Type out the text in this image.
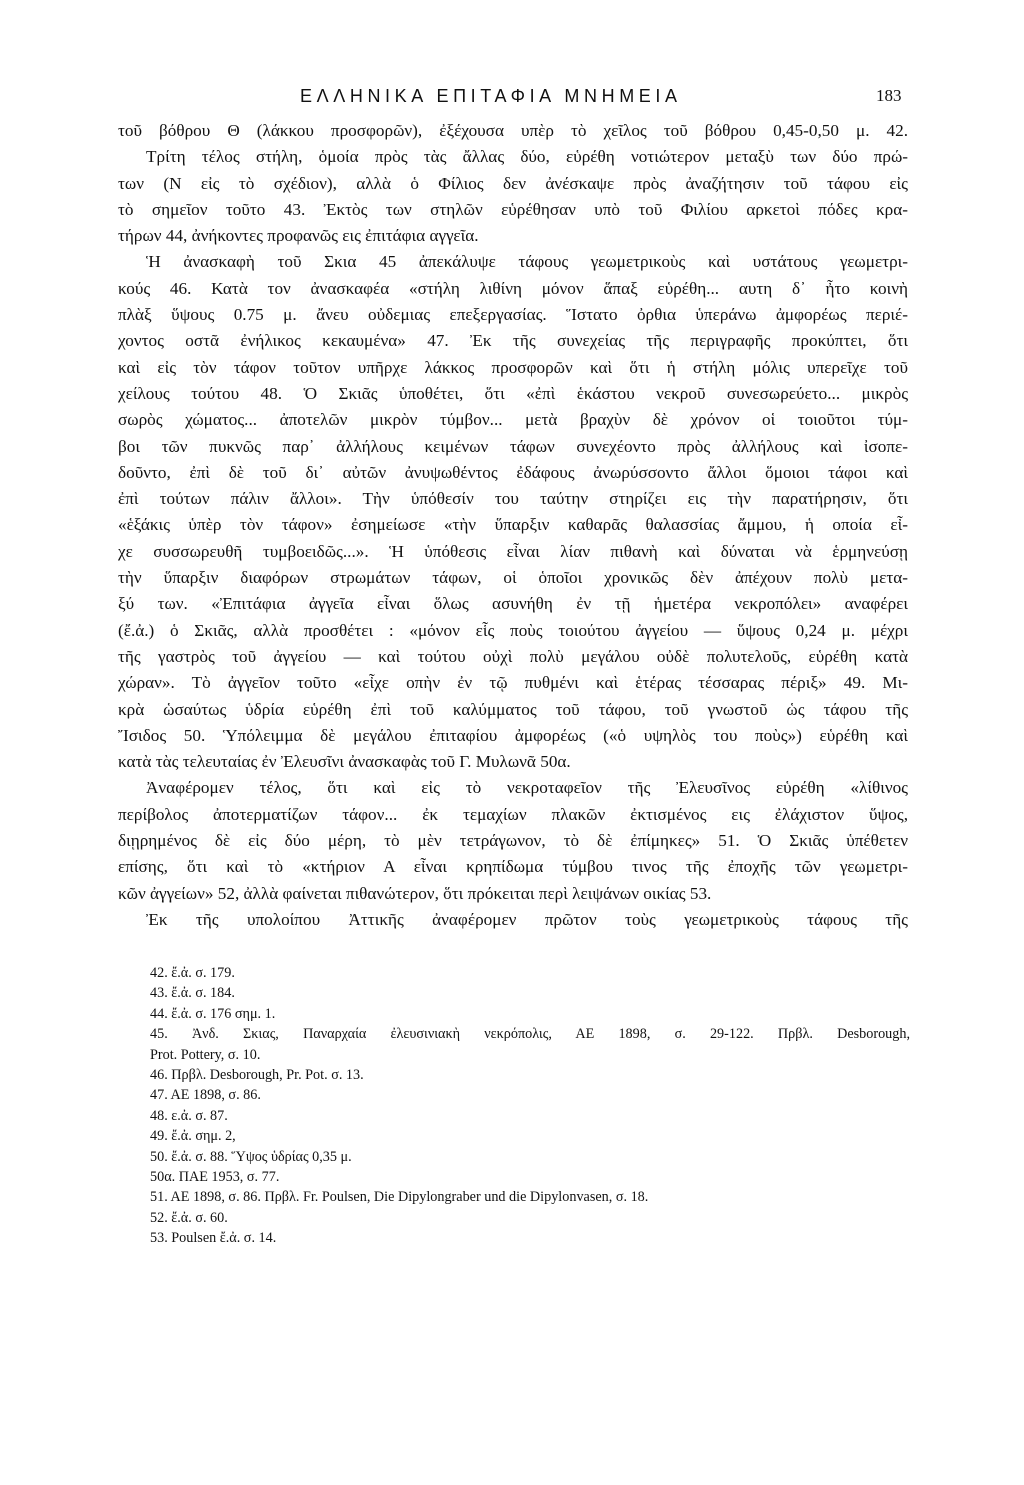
ΕΛΛΗΝΙΚΑ ΕΠΙΤΑΦΙΑ ΜΝΗΜΕΙΑ	183
τοῦ βόθρου Θ (λάκκου προσφορῶν), ἐξέχουσα υπὲρ τὸ χεῖλος τοῦ βόθρου 0,45-0,50 μ. 42.
Τρίτη τέλος στήλη, ὁμοία πρὸς τὰς ἄλλας δύο, εὑρέθη νοτιώτερον μεταξὺ των δύο πρώ-
των (Ν εἰς τὸ σχέδιον), αλλὰ ὁ Φίλιος δεν ἀνέσκαψε πρὸς ἀναζήτησιν τοῦ τάφου εἰς
τὸ σημεῖον τοῦτο 43. Ἐκτὸς των στηλῶν εὑρέθησαν υπὸ τοῦ Φιλίου αρκετοὶ πόδες κρα-
τήρων 44, ἀνήκοντες προφανῶς εις ἐπιτάφια αγγεῖα.
Ἡ ἀνασκαφὴ τοῦ Σκια 45 ἀπεκάλυψε τάφους γεωμετρικοὺς καὶ υστάτους γεωμετρι-
κούς 46. Κατὰ τον ἀνασκαφέα «στήλη λιθίνη μόνον ἅπαξ εὑρέθη... αυτη δ᾿ ἦτο κοινὴ
πλὰξ ὕψους 0.75 μ. ἄνευ οὐδεμιας επεξεργασίας. Ἵστατο ὀρθια ὑπεράνω ἀμφορέως περιέ-
χοντος οστᾶ ἐνήλικος κεκαυμένα» 47. Ἐκ τῆς συνεχείας τῆς περιγραφῆς προκύπτει, ὅτι
καὶ εἰς τὸν τάφον τοῦτον υπῆρχε λάκκος προσφορῶν καὶ ὅτι ἡ στήλη μόλις υπερεῖχε τοῦ
χείλους τούτου 48. Ὁ Σκιᾶς ὑποθέτει, ὅτι «ἐπὶ ἑκάστου νεκροῦ συνεσωρεύετο... μικρὸς
σωρὸς χώματος... ἀποτελῶν μικρὸν τύμβον... μετὰ βραχὺν δὲ χρόνον οἱ τοιοῦτοι τύμ-
βοι τῶν πυκνῶς παρ᾿ ἀλλήλους κειμένων τάφων συνεχέοντο πρὸς ἀλλήλους καὶ ἰσοπε-
δοῦντο, ἐπὶ δὲ τοῦ δι᾿ αὐτῶν ἀνυψωθέντος ἐδάφους ἀνωρύσσοντο ἄλλοι ὅμοιοι τάφοι καὶ
ἐπὶ τούτων πάλιν ἄλλοι». Τὴν ὑπόθεσίν του ταύτην στηρίζει εις τὴν παρατήρησιν, ὅτι
«ἑξάκις ὑπὲρ τὸν τάφον» ἐσημείωσε «τὴν ὕπαρξιν καθαρᾶς θαλασσίας ἄμμου, ἡ οποία εἶ-
χε συσσωρευθῆ τυμβοειδῶς...». Ἡ ὑπόθεσις εἶναι λίαν πιθανὴ καὶ δύναται νὰ ἑρμηνεύσῃ
τὴν ὕπαρξιν διαφόρων στρωμάτων τάφων, οἱ ὁποῖοι χρονικῶς δὲν ἀπέχουν πολὺ μετα-
ξύ των. «Ἐπιτάφια ἀγγεῖα εἶναι ὅλως ασυνήθη ἐν τῇ ἡμετέρα νεκροπόλει» αναφέρει
(ἔ.ἀ.) ὁ Σκιᾶς, αλλὰ προσθέτει : «μόνον εἷς ποὺς τοιούτου ἀγγείου — ὕψους 0,24 μ. μέχρι
τῆς γαστρὸς τοῦ ἀγγείου — καὶ τούτου οὐχὶ πολὺ μεγάλου οὐδὲ πολυτελοῦς, εὑρέθη κατὰ
χώραν». Τὸ ἀγγεῖον τοῦτο «εἶχε οπὴν ἐν τῷ πυθμένι καὶ ἑτέρας τέσσαρας πέριξ» 49. Μι-
κρὰ ὡσαύτως ὑδρία εὑρέθη ἐπὶ τοῦ καλύμματος τοῦ τάφου, τοῦ γνωστοῦ ὡς τάφου τῆς
Ἴσιδος 50. Ὑπόλειμμα δὲ μεγάλου ἐπιταφίου ἀμφορέως («ὁ υψηλὸς του ποὺς») εὑρέθη καὶ
κατὰ τὰς τελευταίας ἐν Ἐλευσῖνι ἀνασκαφὰς τοῦ Γ. Μυλωνᾶ 50α.
Ἀναφέρομεν τέλος, ὅτι καὶ εἰς τὸ νεκροταφεῖον τῆς Ἐλευσῖνος εὑρέθη «λίθινος
περίβολος ἀποτερματίζων τάφον... ἐκ τεμαχίων πλακῶν ἐκτισμένος εις ἐλάχιστον ὕψος,
διῃρημένος δὲ εἰς δύο μέρη, τὸ μὲν τετράγωνον, τὸ δὲ ἐπίμηκες» 51. Ὁ Σκιᾶς ὑπέθετεν
επίσης, ὅτι καὶ τὸ «κτήριον Α εἶναι κρηπίδωμα τύμβου τινος τῆς ἐποχῆς τῶν γεωμετρι-
κῶν ἀγγείων» 52, ἀλλὰ φαίνεται πιθανώτερον, ὅτι πρόκειται περὶ λειψάνων οικίας 53.
Ἐκ τῆς υπολοίπου Ἀττικῆς ἀναφέρομεν πρῶτον τοὺς γεωμετρικοὺς τάφους τῆς
42. ἔ.ἀ. σ. 179.
43. ἔ.ἀ. σ. 184.
44. ἔ.ἀ. σ. 176 σημ. 1.
45. Ἀνδ. Σκιας, Παναρχαία ἐλευσινιακὴ νεκρόπολις, ΑΕ 1898, σ. 29-122. Πρβλ. Desborough,
Prot. Pottery, σ. 10.
46. Πρβλ. Desborough, Pr. Pot. σ. 13.
47. ΑΕ 1898, σ. 86.
48. ε.ἀ. σ. 87.
49. ἔ.ἀ. σημ. 2,
50. ἔ.ἀ. σ. 88. Ὕψος ὑδρίας 0,35 μ.
50α. ΠΑΕ 1953, σ. 77.
51. ΑΕ 1898, σ. 86. Πρβλ. Fr. Poulsen, Die Dipylongraber und die Dipylonvasen, σ. 18.
52. ἔ.ἀ. σ. 60.
53. Poulsen ἔ.ἀ. σ. 14.
